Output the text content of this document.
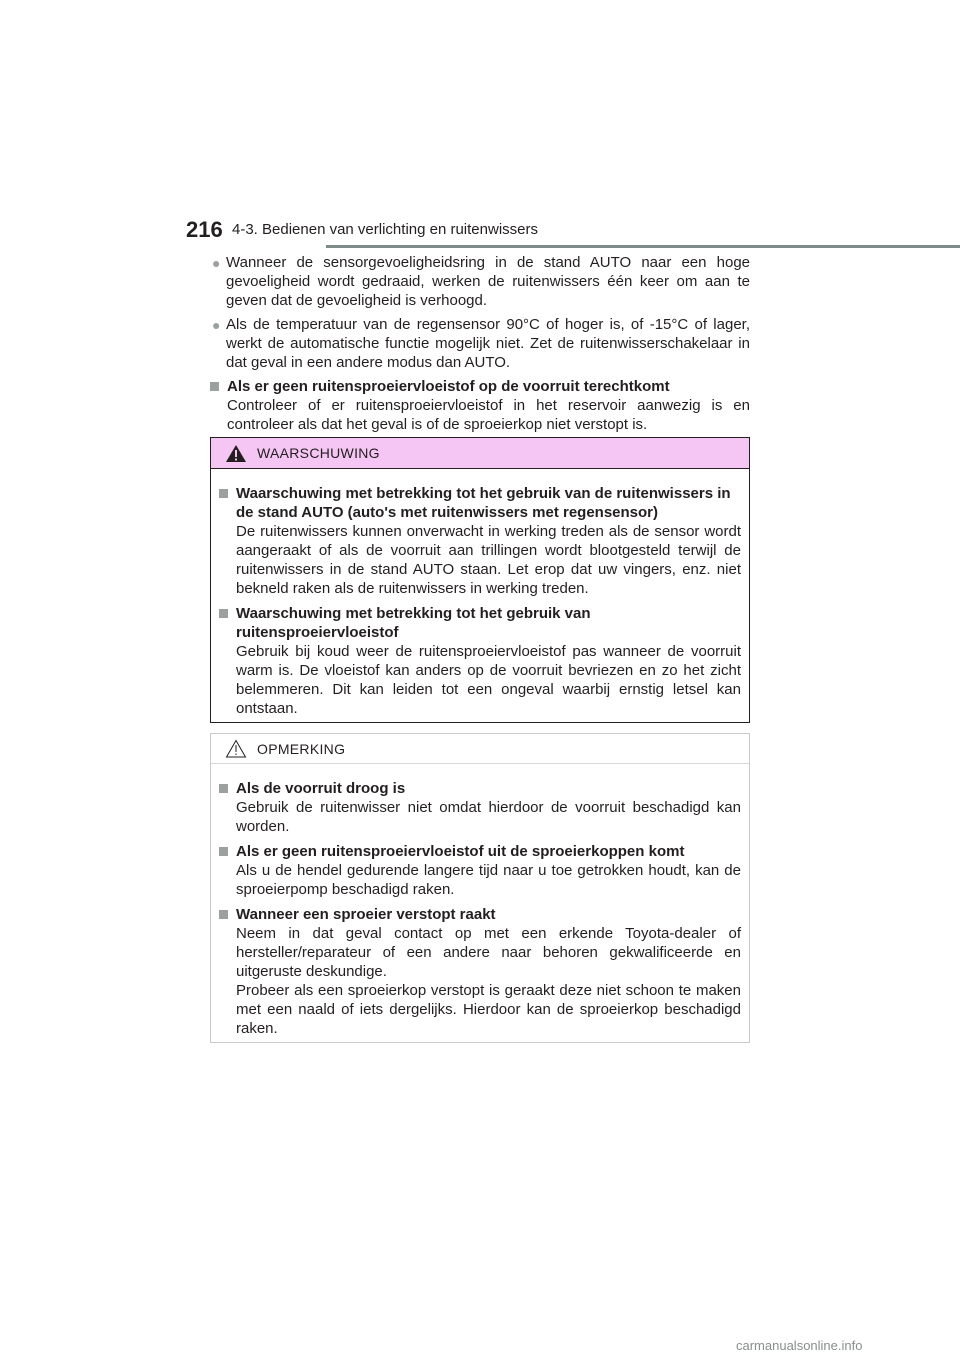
216 4-3. Bedienen van verlichting en ruitenwissers
● Wanneer de sensorgevoeligheidsring in de stand AUTO naar een hoge gevoeligheid wordt gedraaid, werken de ruitenwissers één keer om aan te geven dat de gevoeligheid is verhoogd.
● Als de temperatuur van de regensensor 90°C of hoger is, of -15°C of lager, werkt de automatische functie mogelijk niet. Zet de ruitenwisserschakelaar in dat geval in een andere modus dan AUTO.
Als er geen ruitensproeiervloeistof op de voorruit terechtkomt
Controleer of er ruitensproeiervloeistof in het reservoir aanwezig is en controleer als dat het geval is of de sproeierkop niet verstopt is.
WAARSCHUWING
Waarschuwing met betrekking tot het gebruik van de ruitenwissers in de stand AUTO (auto's met ruitenwissers met regensensor)
De ruitenwissers kunnen onverwacht in werking treden als de sensor wordt aangeraakt of als de voorruit aan trillingen wordt blootgesteld terwijl de ruitenwissers in de stand AUTO staan. Let erop dat uw vingers, enz. niet bekneld raken als de ruitenwissers in werking treden.
Waarschuwing met betrekking tot het gebruik van ruitensproeiervloeistof
Gebruik bij koud weer de ruitensproeiervloeistof pas wanneer de voorruit warm is. De vloeistof kan anders op de voorruit bevriezen en zo het zicht belemmeren. Dit kan leiden tot een ongeval waarbij ernstig letsel kan ontstaan.
OPMERKING
Als de voorruit droog is
Gebruik de ruitenwisser niet omdat hierdoor de voorruit beschadigd kan worden.
Als er geen ruitensproeiervloeistof uit de sproeierkoppen komt
Als u de hendel gedurende langere tijd naar u toe getrokken houdt, kan de sproeierpomp beschadigd raken.
Wanneer een sproeier verstopt raakt
Neem in dat geval contact op met een erkende Toyota-dealer of hersteller/reparateur of een andere naar behoren gekwalificeerde en uitgeruste deskundige.
Probeer als een sproeierkop verstopt is geraakt deze niet schoon te maken met een naald of iets dergelijks. Hierdoor kan de sproeierkop beschadigd raken.
carmanualsonline.info
